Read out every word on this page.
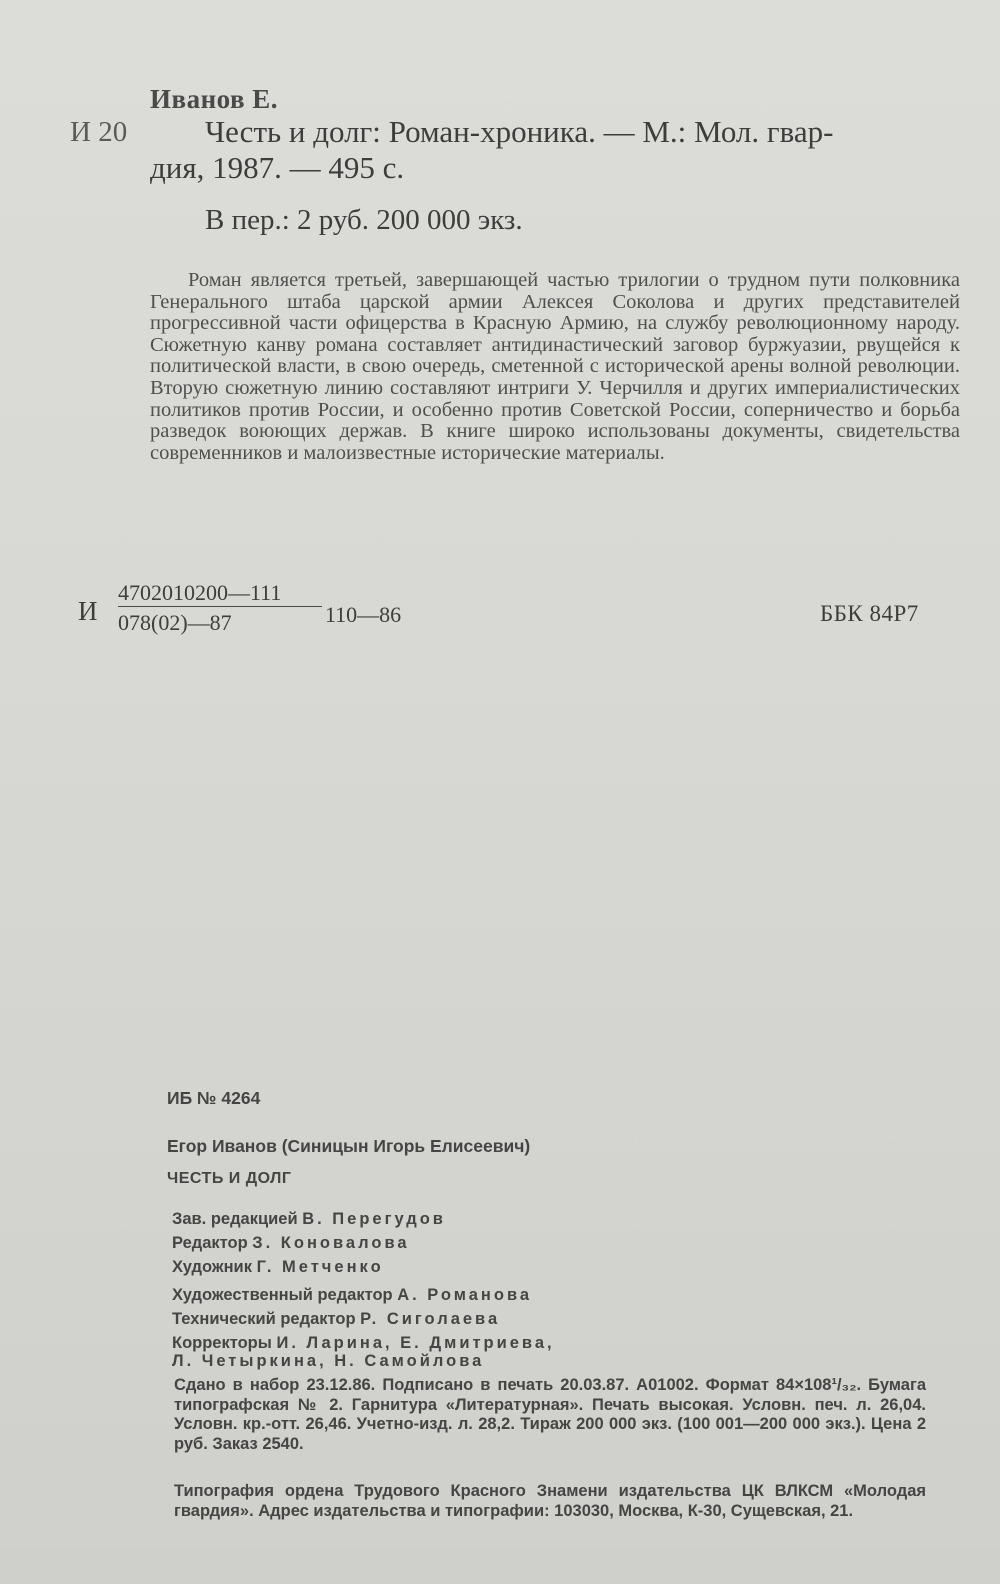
Иванов Е.
И 20	Честь и долг: Роман-хроника. — М.: Мол. гвар-
дия, 1987. — 495 с.
В пер.: 2 руб. 200 000 экз.
Роман является третьей, завершающей частью трилогии о трудном пути полковника Генерального штаба царской армии Алексея Соколова и других представителей прогрессивной части офицерства в Красную Армию, на службу революционному народу. Сюжетную канву романа составляет антидинастический заговор буржуазии, рвущейся к политической власти, в свою очередь, сметенной с исторической арены волной революции. Вторую сюжетную линию составляют интриги У. Черчилля и других империалистических политиков против России, и особенно против Советской России, соперничество и борьба разведок воюющих держав. В книге широко использованы документы, свидетельства современников и малоизвестные исторические материалы.
И
4702010200—111
078(02)—87	110—86	ББК 84Р7
ИБ № 4264
Егор Иванов (Синицын Игорь Елисеевич)
ЧЕСТЬ И ДОЛГ
Зав. редакцией В. Перегудов
Редактор З. Коновалова
Художник Г. Метченко
Художественный редактор А. Романова
Технический редактор Р. Сиголаева
Корректоры И. Ларина, Е. Дмитриева,
Л. Четыркина, Н. Самойлова
Сдано в набор 23.12.86. Подписано в печать 20.03.87. А01002. Формат 84×108¹/₃₂. Бумага типографская № 2. Гарнитура «Литературная». Печать высокая. Условн. печ. л. 26,04. Условн. кр.-отт. 26,46. Учетно-изд. л. 28,2. Тираж 200 000 экз. (100 001—200 000 экз.). Цена 2 руб. Заказ 2540.
Типография ордена Трудового Красного Знамени издательства ЦК ВЛКСМ «Молодая гвардия». Адрес издательства и типографии: 103030, Москва, К-30, Сущевская, 21.
